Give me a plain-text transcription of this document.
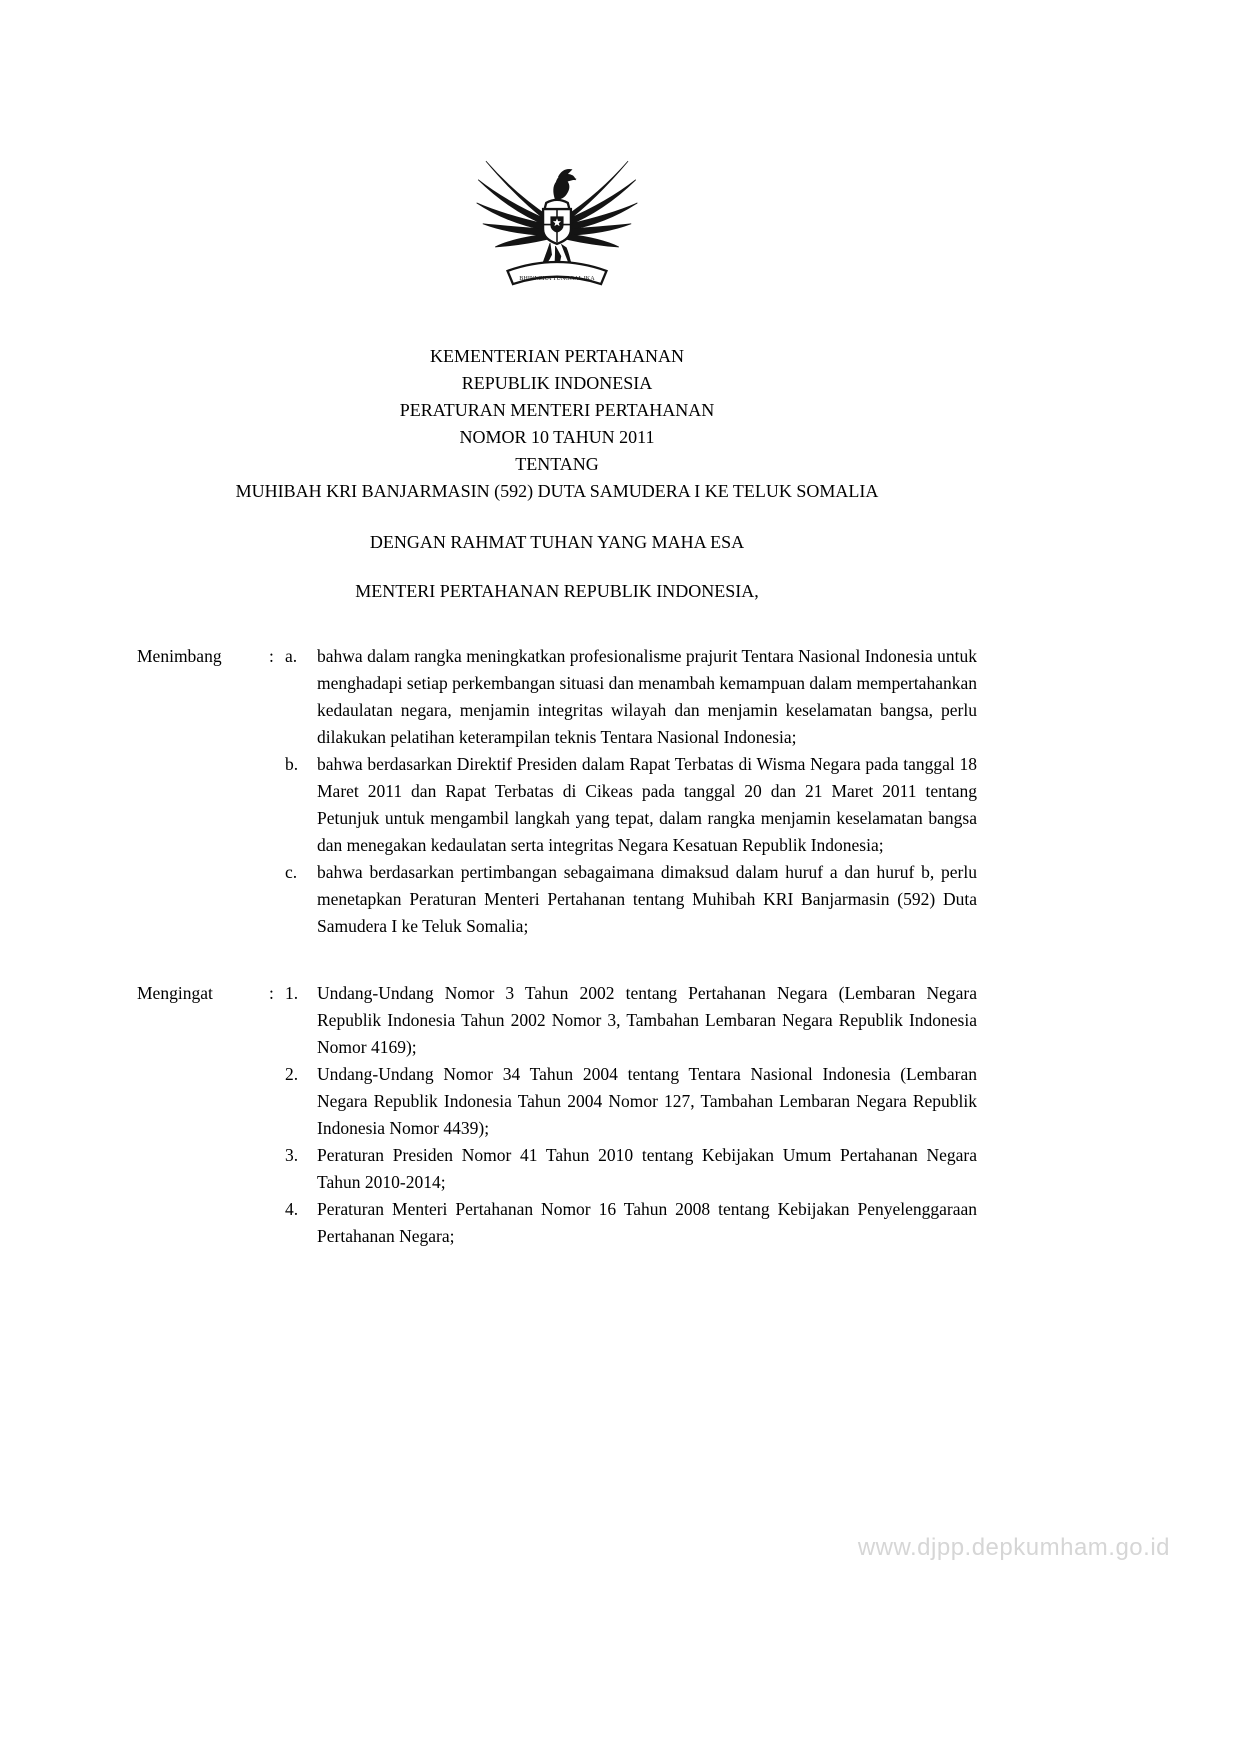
BHINNEKA TUNGGAL IKA
KEMENTERIAN PERTAHANAN
REPUBLIK INDONESIA
PERATURAN MENTERI PERTAHANAN
NOMOR 10 TAHUN 2011
TENTANG
MUHIBAH KRI BANJARMASIN (592) DUTA SAMUDERA I KE TELUK SOMALIA
DENGAN RAHMAT TUHAN YANG MAHA ESA
MENTERI PERTAHANAN REPUBLIK INDONESIA,
Menimbang	: a.	bahwa dalam rangka meningkatkan profesionalisme prajurit Tentara Nasional Indonesia untuk menghadapi setiap perkembangan situasi dan menambah kemampuan dalam mempertahankan kedaulatan negara, menjamin integritas wilayah dan menjamin keselamatan bangsa, perlu dilakukan pelatihan keterampilan teknis Tentara Nasional Indonesia;
b.	bahwa berdasarkan Direktif Presiden dalam Rapat Terbatas di Wisma Negara pada tanggal 18 Maret 2011 dan Rapat Terbatas di Cikeas pada tanggal 20 dan 21 Maret 2011 tentang Petunjuk untuk mengambil langkah yang tepat, dalam rangka menjamin keselamatan bangsa dan menegakan kedaulatan serta integritas Negara Kesatuan Republik Indonesia;
c.	bahwa berdasarkan pertimbangan sebagaimana dimaksud dalam huruf a dan huruf b, perlu menetapkan Peraturan Menteri Pertahanan tentang Muhibah KRI Banjarmasin (592) Duta Samudera I ke Teluk Somalia;
Mengingat	: 1.	Undang-Undang Nomor 3 Tahun 2002 tentang Pertahanan Negara (Lembaran Negara Republik Indonesia Tahun 2002 Nomor 3, Tambahan Lembaran Negara Republik Indonesia Nomor 4169);
2.	Undang-Undang Nomor 34 Tahun 2004 tentang Tentara Nasional Indonesia (Lembaran Negara Republik Indonesia Tahun 2004 Nomor 127, Tambahan Lembaran Negara Republik Indonesia Nomor 4439);
3.	Peraturan Presiden Nomor 41 Tahun 2010 tentang Kebijakan Umum Pertahanan Negara Tahun 2010-2014;
4.	Peraturan Menteri Pertahanan Nomor 16 Tahun 2008 tentang Kebijakan Penyelenggaraan Pertahanan Negara;
www.djpp.depkumham.go.id
